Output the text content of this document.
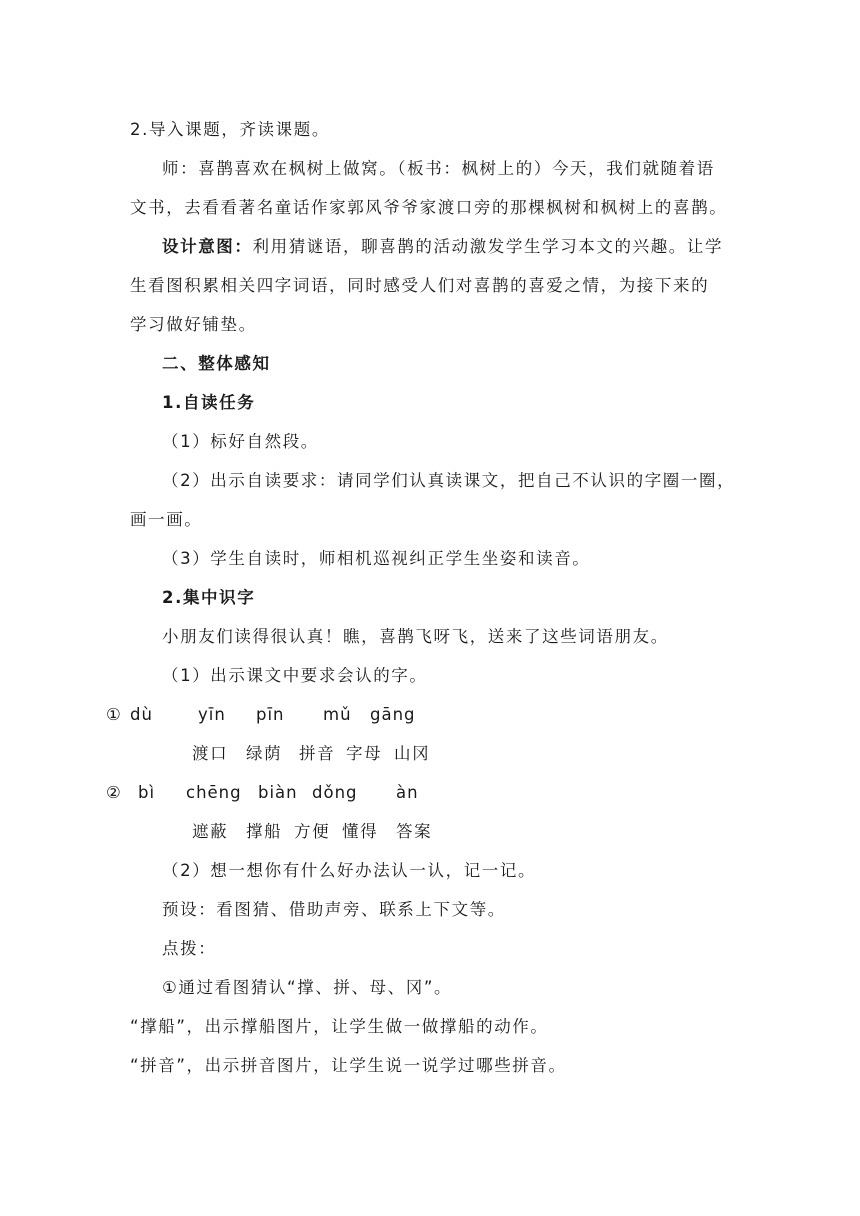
2.导入课题，齐读课题。
师：喜鹊喜欢在枫树上做窝。（板书：枫树上的）今天，我们就随着语
文书，去看看著名童话作家郭风爷爷家渡口旁的那棵枫树和枫树上的喜鹊。
设计意图：利用猜谜语，聊喜鹊的活动激发学生学习本文的兴趣。让学
生看图积累相关四字词语，同时感受人们对喜鹊的喜爱之情，为接下来的
学习做好铺垫。
二、整体感知
1.自读任务
（1）标好自然段。
（2）出示自读要求：请同学们认真读课文，把自己不认识的字圈一圈，
画一画。
（3）学生自读时，师相机巡视纠正学生坐姿和读音。
2.集中识字
小朋友们读得很认真！瞧，喜鹊飞呀飞，送来了这些词语朋友。
（1）出示课文中要求会认的字。
① dù	yīn pīn mǔ gāng
渡口 绿荫 拼音 字母 山冈
② bì chēng biàn dǒng àn
遮蔽 撑船 方便 懂得 答案
（2）想一想你有什么好办法认一认，记一记。
预设：看图猜、借助声旁、联系上下文等。
点拨：
①通过看图猜认“撑、拼、母、冈”。
“撑船”，出示撑船图片，让学生做一做撑船的动作。
“拼音”，出示拼音图片，让学生说一说学过哪些拼音。
